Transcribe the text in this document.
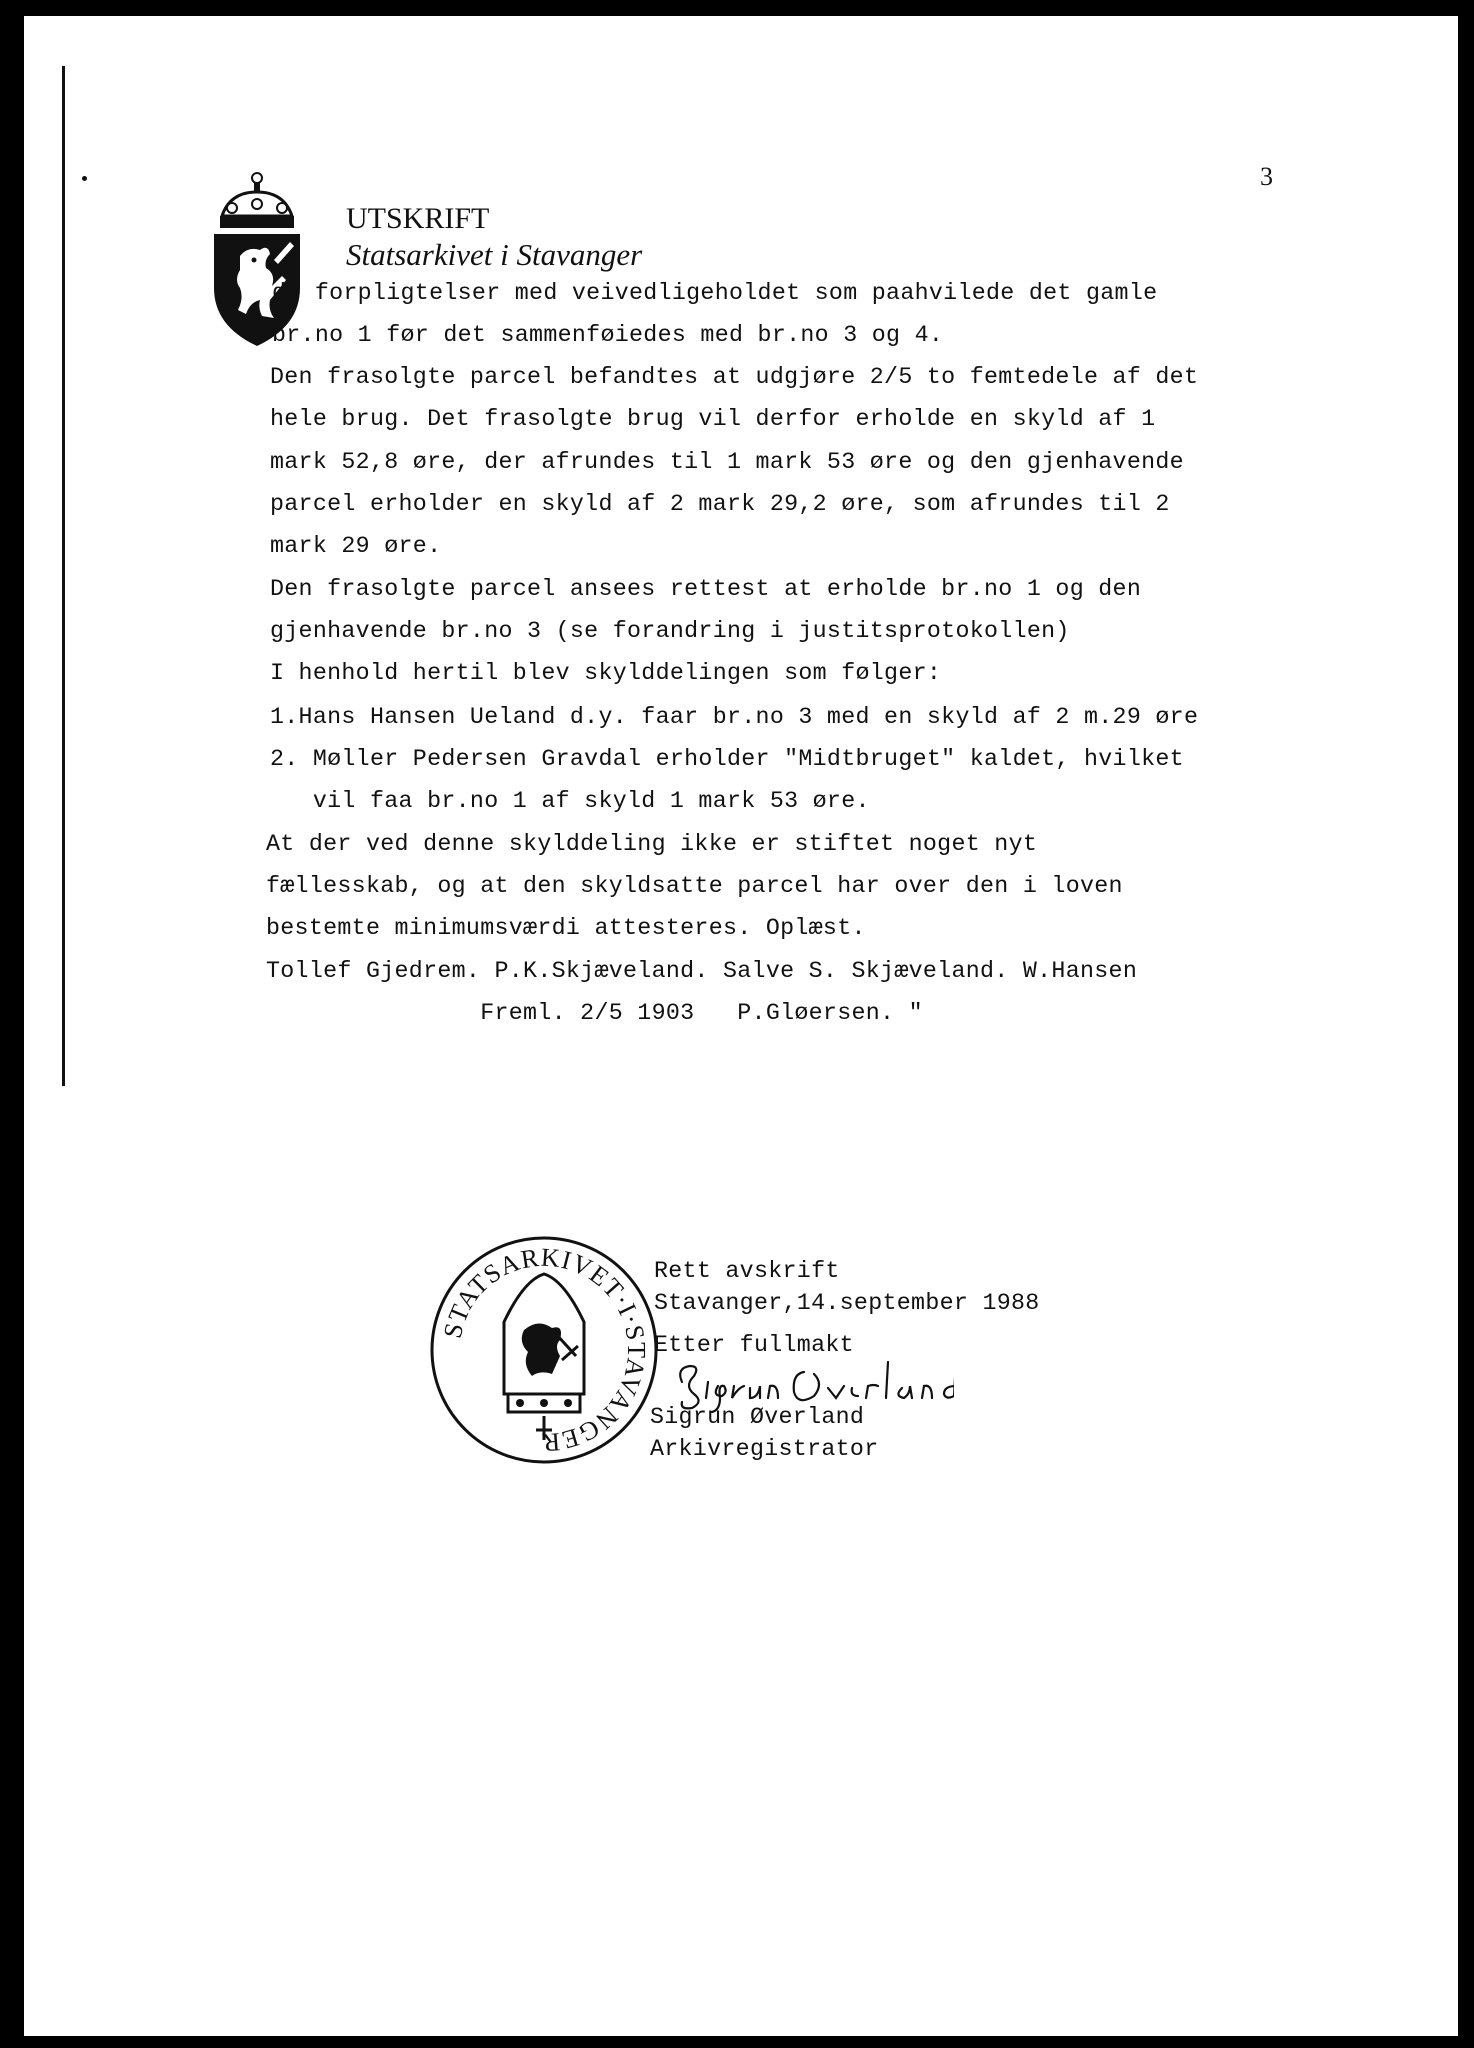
3
UTSKRIFT
Statsarkivet i Stavanger
de forpligtelser med veivedligeholdet som paahvilede det gamle
br.no 1 før det sammenføiedes med br.no 3 og 4.
Den frasolgte parcel befandtes at udgjøre 2/5 to femtedele af det
hele brug. Det frasolgte brug vil derfor erholde en skyld af 1
mark 52,8 øre, der afrundes til 1 mark 53 øre og den gjenhavende
parcel erholder en skyld af 2 mark 29,2 øre, som afrundes til 2
mark 29 øre.
Den frasolgte parcel ansees rettest at erholde br.no 1 og den
gjenhavende br.no 3 (se forandring i justitsprotokollen)
I henhold hertil blev skylddelingen som følger:
1.Hans Hansen Ueland d.y. faar br.no 3 med en skyld af 2 m.29 øre
2. Møller Pedersen Gravdal erholder "Midtbruget" kaldet, hvilket
vil faa br.no 1 af skyld 1 mark 53 øre.
At der ved denne skylddeling ikke er stiftet noget nyt
fællesskab, og at den skyldsatte parcel har over den i loven
bestemte minimumsværdi attesteres. Oplæst.
Tollef Gjedrem. P.K.Skjæveland. Salve S. Skjæveland. W.Hansen
Freml. 2/5 1903   P.Gløersen. "
STATSARKIVET·I·STAVANGER
Rett avskrift
Stavanger,14.september 1988
Etter fullmakt
Sigrun Øverland
Arkivregistrator
